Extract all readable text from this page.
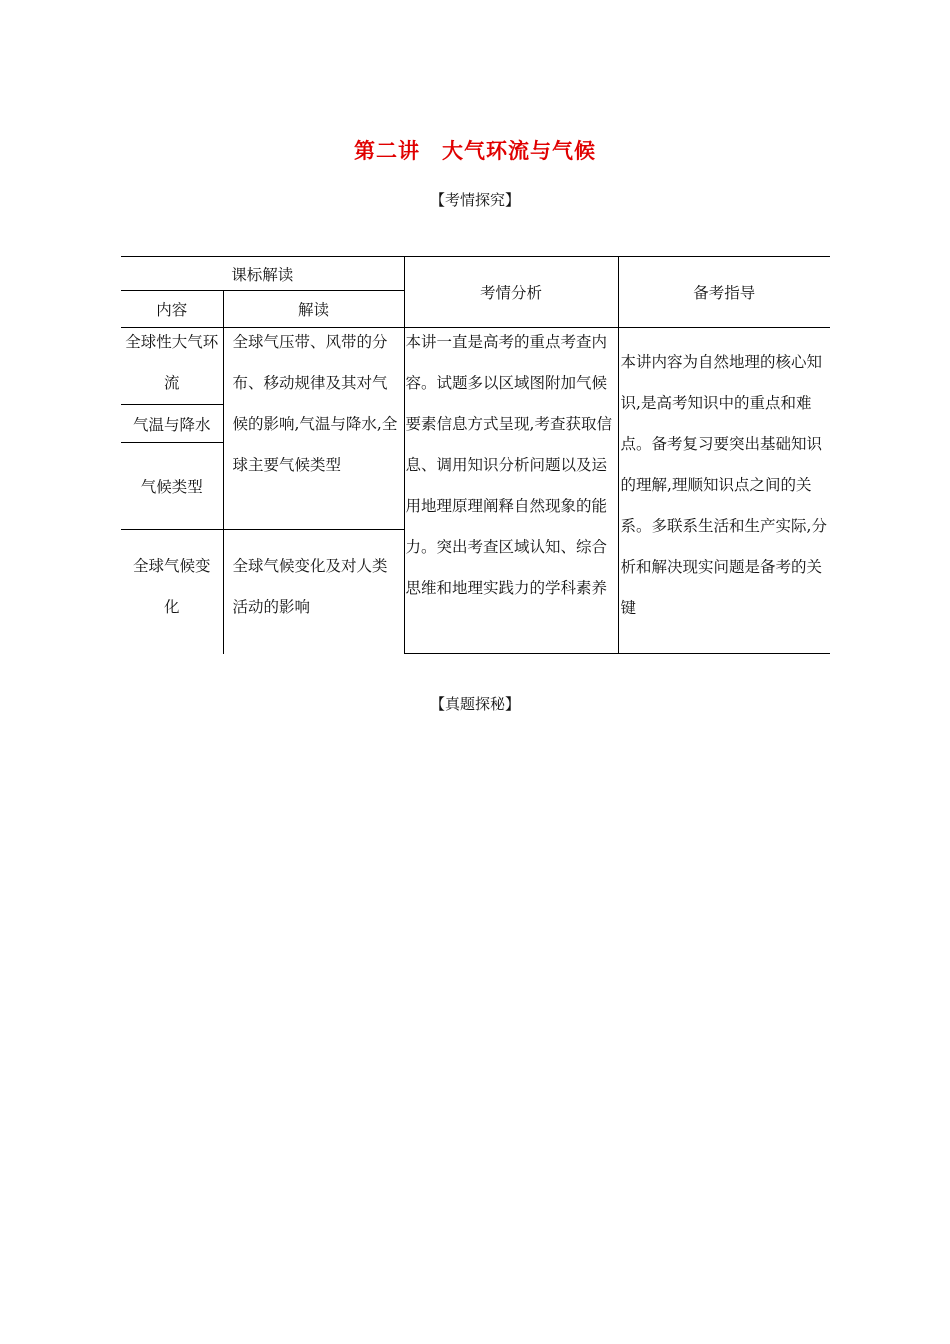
第二讲 大气环流与气候
【考情探究】
课标解读		考情分析	备考指导
内容	解读		

全球性大气环流	全球气压带、风带的分布、移动规律及其对气候的影响,气温与降水,全球主要气候类型	本讲一直是高考的重点考查内容。试题多以区域图附加气候要素信息方式呈现,考查获取信息、调用知识分析问题以及运用地理原理阐释自然现象的能力。突出考查区域认知、综合思维和地理实践力的学科素养	本讲内容为自然地理的核心知识,是高考知识中的重点和难点。备考复习要突出基础知识的理解,理顺知识点之间的关系。多联系生活和生产实际,分析和解决现实问题是备考的关键

气温与降水			
气候类型			

全球气候变化	全球气候变化及对人类活动的影响		
【真题探秘】
